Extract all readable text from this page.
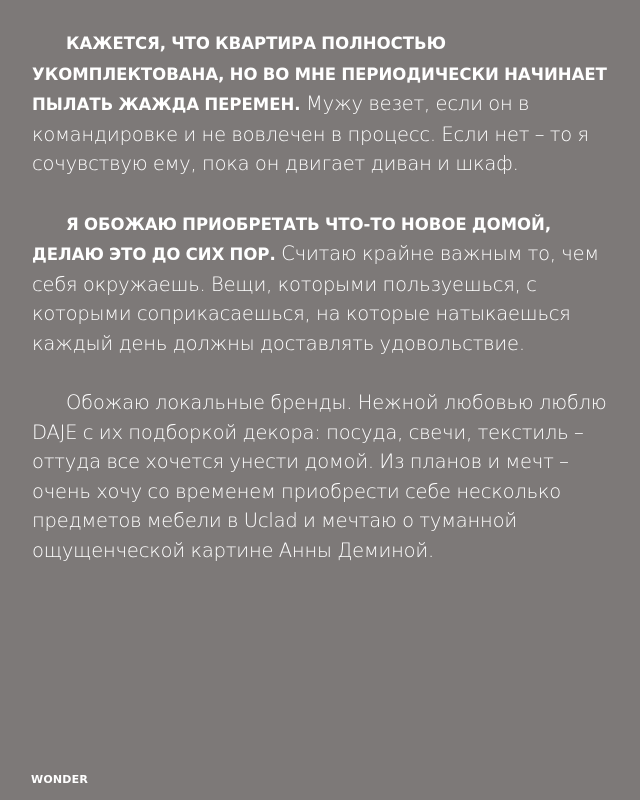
КАЖЕТСЯ, ЧТО КВАРТИРА ПОЛНОСТЬЮ УКОМПЛЕКТОВАНА, НО ВО МНЕ ПЕРИОДИЧЕСКИ НАЧИНАЕТ ПЫЛАТЬ ЖАЖДА ПЕРЕМЕН. Мужу везет, если он в командировке и не вовлечен в процесс. Если нет – то я сочувствую ему, пока он двигает диван и шкаф.

Я ОБОЖАЮ ПРИОБРЕТАТЬ ЧТО-ТО НОВОЕ ДОМОЙ, ДЕЛАЮ ЭТО ДО СИХ ПОР. Считаю крайне важным то, чем себя окружаешь. Вещи, которыми пользуешься, с которыми соприкасаешься, на которые натыкаешься каждый день должны доставлять удовольствие.

Обожаю локальные бренды. Нежной любовью люблю DAJE с их подборкой декора: посуда, свечи, текстиль – оттуда все хочется унести домой. Из планов и мечт – очень хочу со временем приобрести себе несколько предметов мебели в Uclad и мечтаю о туманной ощущенческой картине Анны Деминой.

WONDER
